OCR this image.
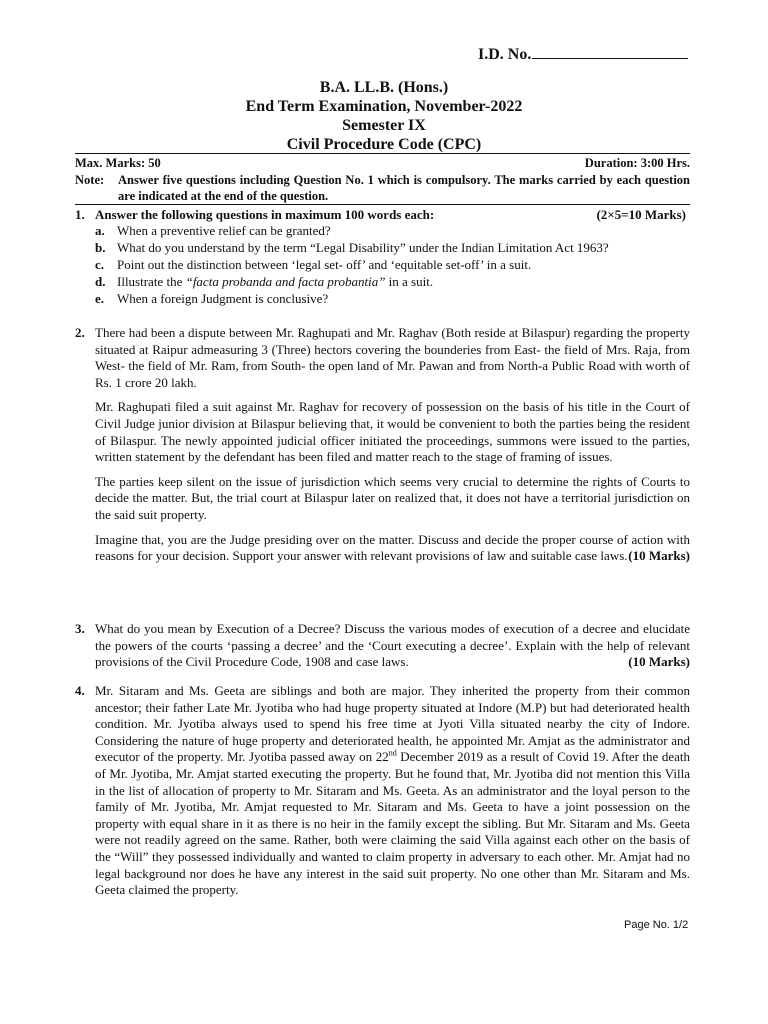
I.D. No.
B.A. LL.B. (Hons.)
End Term Examination, November-2022
Semester IX
Civil Procedure Code (CPC)
Max. Marks: 50	Duration: 3:00 Hrs.
Note: Answer five questions including Question No. 1 which is compulsory. The marks carried by each question are indicated at the end of the question.
1. Answer the following questions in maximum 100 words each:	(2×5=10 Marks)
a. When a preventive relief can be granted?
b. What do you understand by the term “Legal Disability” under the Indian Limitation Act 1963?
c. Point out the distinction between ‘legal set- off’ and ‘equitable set-off’ in a suit.
d. Illustrate the “facta probanda and facta probantia” in a suit.
e. When a foreign Judgment is conclusive?
2. There had been a dispute between Mr. Raghupati and Mr. Raghav (Both reside at Bilaspur) regarding the property situated at Raipur admeasuring 3 (Three) hectors covering the bounderies from East- the field of Mrs. Raja, from West- the field of Mr. Ram, from South- the open land of Mr. Pawan and from North-a Public Road with worth of Rs. 1 crore 20 lakh.

Mr. Raghupati filed a suit against Mr. Raghav for recovery of possession on the basis of his title in the Court of Civil Judge junior division at Bilaspur believing that, it would be convenient to both the parties being the resident of Bilaspur. The newly appointed judicial officer initiated the proceedings, summons were issued to the parties, written statement by the defendant has been filed and matter reach to the stage of framing of issues.

The parties keep silent on the issue of jurisdiction which seems very crucial to determine the rights of Courts to decide the matter. But, the trial court at Bilaspur later on realized that, it does not have a territorial jurisdiction on the said suit property.

Imagine that, you are the Judge presiding over on the matter. Discuss and decide the proper course of action with reasons for your decision. Support your answer with relevant provisions of law and suitable case laws. (10 Marks)

3. What do you mean by Execution of a Decree? Discuss the various modes of execution of a decree and elucidate the powers of the courts ‘passing a decree’ and the ‘Court executing a decree’. Explain with the help of relevant provisions of the Civil Procedure Code, 1908 and case laws.	(10 Marks)

4. Mr. Sitaram and Ms. Geeta are siblings and both are major. They inherited the property from their common ancestor; their father Late Mr. Jyotiba who had huge property situated at Indore (M.P) but had deteriorated health condition. Mr. Jyotiba always used to spend his free time at Jyoti Villa situated nearby the city of Indore. Considering the nature of huge property and deteriorated health, he appointed Mr. Amjat as the administrator and executor of the property. Mr. Jyotiba passed away on 22nd December 2019 as a result of Covid 19. After the death of Mr. Jyotiba, Mr. Amjat started executing the property. But he found that, Mr. Jyotiba did not mention this Villa in the list of allocation of property to Mr. Sitaram and Ms. Geeta. As an administrator and the loyal person to the family of Mr. Jyotiba, Mr. Amjat requested to Mr. Sitaram and Ms. Geeta to have a joint possession on the property with equal share in it as there is no heir in the family except the sibling. But Mr. Sitaram and Ms. Geeta were not readily agreed on the same. Rather, both were claiming the said Villa against each other on the basis of the “Will” they possessed individually and wanted to claim property in adversary to each other. Mr. Amjat had no legal background nor does he have any interest in the said suit property. No one other than Mr. Sitaram and Ms. Geeta claimed the property.

Page No. 1/2
